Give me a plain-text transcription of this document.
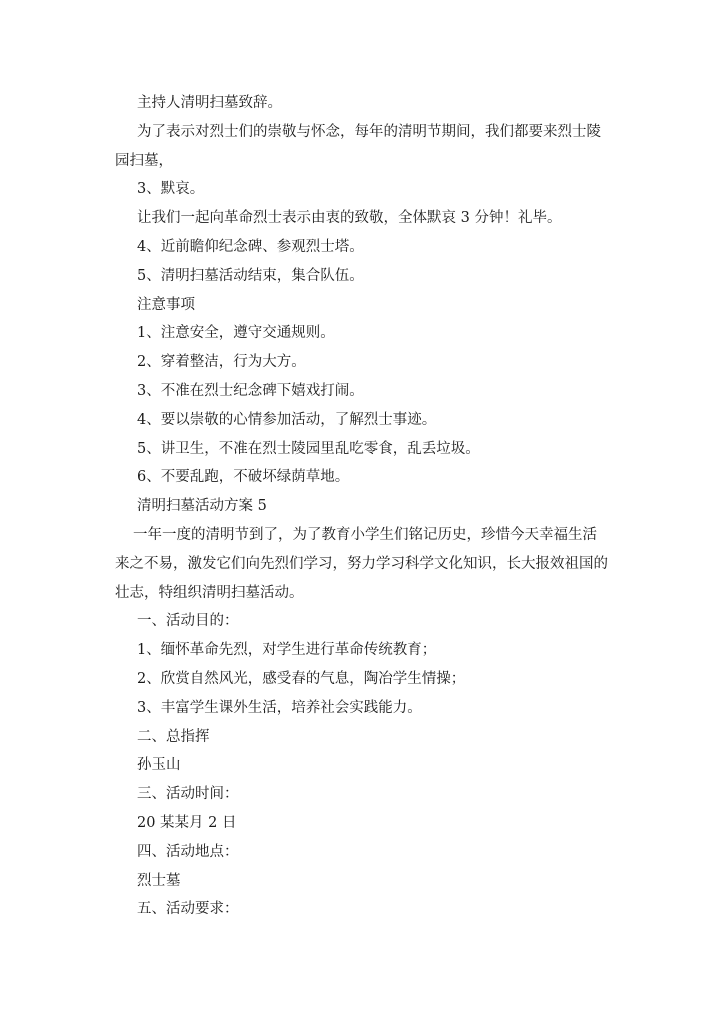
主持人清明扫墓致辞。

为了表示对烈士们的崇敬与怀念，每年的清明节期间，我们都要来烈士陵

园扫墓，

3、默哀。

让我们一起向革命烈士表示由衷的致敬，全体默哀 3 分钟！礼毕。

4、近前瞻仰纪念碑、参观烈士塔。

5、清明扫墓活动结束，集合队伍。

注意事项

1、注意安全，遵守交通规则。

2、穿着整洁，行为大方。

3、不准在烈士纪念碑下嬉戏打闹。

4、要以崇敬的心情参加活动，了解烈士事迹。

5、讲卫生，不准在烈士陵园里乱吃零食，乱丢垃圾。

6、不要乱跑，不破坏绿荫草地。

清明扫墓活动方案 5

一年一度的清明节到了，为了教育小学生们铭记历史，珍惜今天幸福生活

来之不易，激发它们向先烈们学习，努力学习科学文化知识，长大报效祖国的

壮志，特组织清明扫墓活动。

一、活动目的：

1、缅怀革命先烈，对学生进行革命传统教育；

2、欣赏自然风光，感受春的气息，陶冶学生情操；

3、丰富学生课外生活，培养社会实践能力。

二、总指挥

孙玉山

三、活动时间：

20 某某月 2 日

四、活动地点：

烈士墓

五、活动要求：
